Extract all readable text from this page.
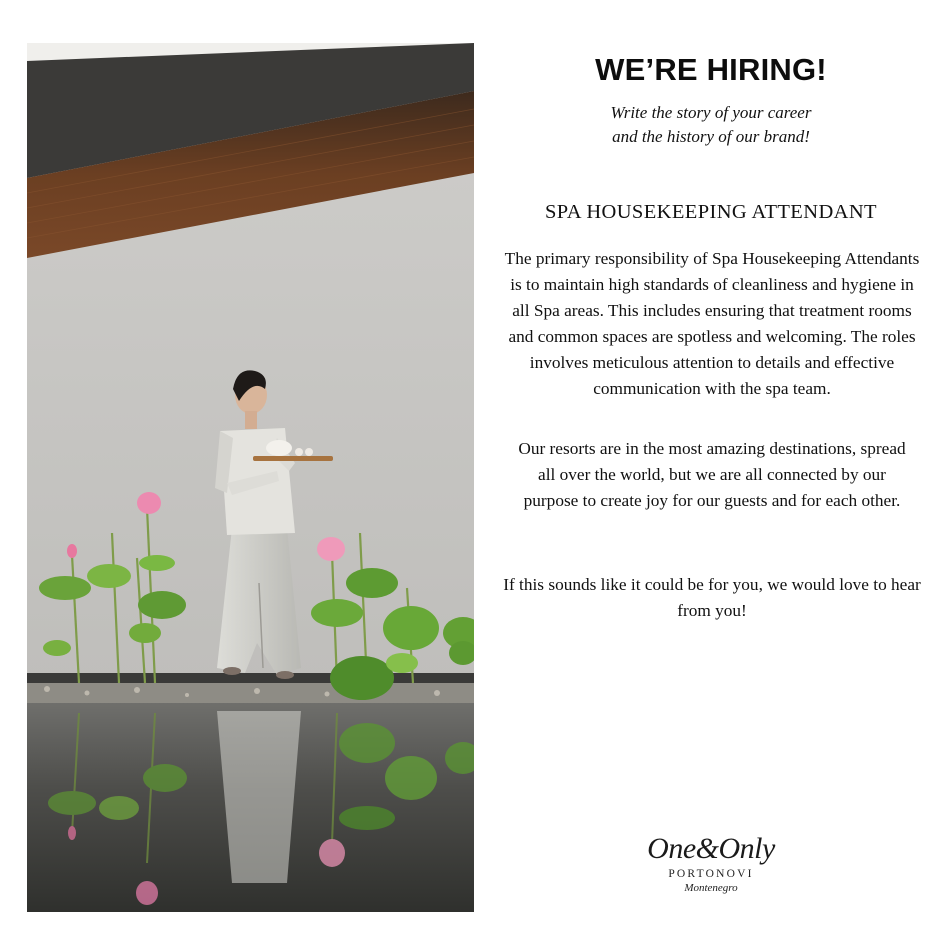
WE’RE HIRING!
Write the story of your career
and the history of our brand!
SPA HOUSEKEEPING ATTENDANT
The primary responsibility of Spa Housekeeping Attendants is to maintain high standards of cleanliness and hygiene in all Spa areas. This includes ensuring that treatment rooms and common spaces are spotless and welcoming. The roles involves meticulous attention to details and effective communication with the spa team.
Our resorts are in the most amazing destinations, spread all over the world, but we are all connected by our purpose to create joy for our guests and for each other.
If this sounds like it could be for you, we would love to hear from you!
One&Only
PORTONOVI
Montenegro
